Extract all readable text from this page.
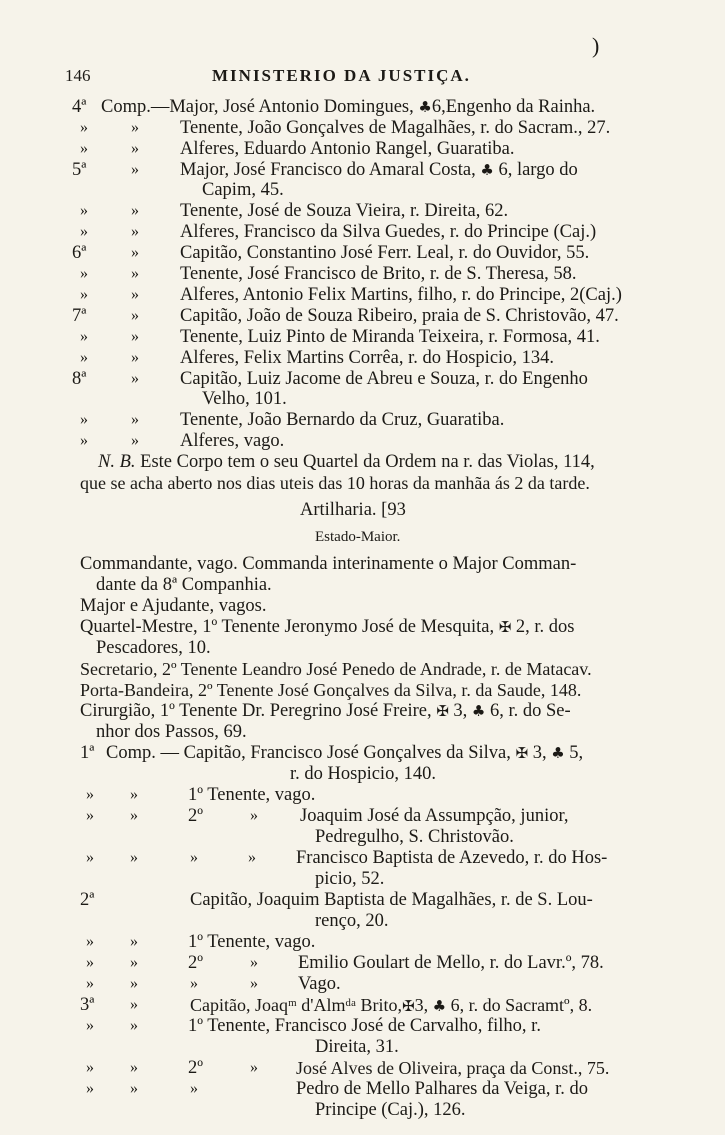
146	MINISTERIO DA JUSTIÇA.
)
4ª Comp.—Major, José Antonio Domingues, ♣6,Engenho da Rainha.
»	» Tenente, João Gonçalves de Magalhães, r. do Sacram., 27.
»	» Alferes, Eduardo Antonio Rangel, Guaratiba.
5ª	» Major, José Francisco do Amaral Costa, ♣ 6, largo do
Capim, 45.
»	» Tenente, José de Souza Vieira, r. Direita, 62.
»	» Alferes, Francisco da Silva Guedes, r. do Principe (Caj.)
6ª	» Capitão, Constantino José Ferr. Leal, r. do Ouvidor, 55.
»	» Tenente, José Francisco de Brito, r. de S. Theresa, 58.
»	» Alferes, Antonio Felix Martins, filho, r. do Principe, 2(Caj.)
7ª	» Capitão, João de Souza Ribeiro, praia de S. Christovão, 47.
»	» Tenente, Luiz Pinto de Miranda Teixeira, r. Formosa, 41.
»	» Alferes, Felix Martins Corrêa, r. do Hospicio, 134.
8ª	» Capitão, Luiz Jacome de Abreu e Souza, r. do Engenho
Velho, 101.
»	» Tenente, João Bernardo da Cruz, Guaratiba.
»	» Alferes, vago.
N. B. Este Corpo tem o seu Quartel da Ordem na r. das Violas, 114,
que se acha aberto nos dias uteis das 10 horas da manhãa ás 2 da tarde.
Artilharia. [93
Estado-Maior.
Commandante, vago. Commanda interinamente o Major Comman-
dante da 8ª Companhia.
Major e Ajudante, vagos.
Quartel-Mestre, 1º Tenente Jeronymo José de Mesquita, ✠ 2, r. dos
Pescadores, 10.
Secretario, 2º Tenente Leandro José Penedo de Andrade, r. de Matacav.
Porta-Bandeira, 2º Tenente José Gonçalves da Silva, r. da Saude, 148.
Cirurgião, 1º Tenente Dr. Peregrino José Freire, ✠ 3, ♣ 6, r. do Se-
nhor dos Passos, 69.
1ª Comp. — Capitão, Francisco José Gonçalves da Silva, ✠ 3, ♣ 5,
r. do Hospicio, 140.
» »	1º Tenente, vago.
» »	2º	» Joaquim José da Assumpção, junior,
Pedregulho, S. Christovão.
» »	»	» Francisco Baptista de Azevedo, r. do Hos-
picio, 52.
2ª	Capitão, Joaquim Baptista de Magalhães, r. de S. Lou-
renço, 20.
» »	1º Tenente, vago.
» »	2º	» Emilio Goulart de Mello, r. do Lavr.º, 78.
» »	»	» Vago.
3ª »	Capitão, Joaqᵐ d'Almᵈᵃ Brito,✠3, ♣ 6, r. do Sacramtº, 8.
» »	1º Tenente, Francisco José de Carvalho, filho, r.
Direita, 31.
» »	2º	» José Alves de Oliveira, praça da Const., 75.
» »	»	Pedro de Mello Palhares da Veiga, r. do
Principe (Caj.), 126.
